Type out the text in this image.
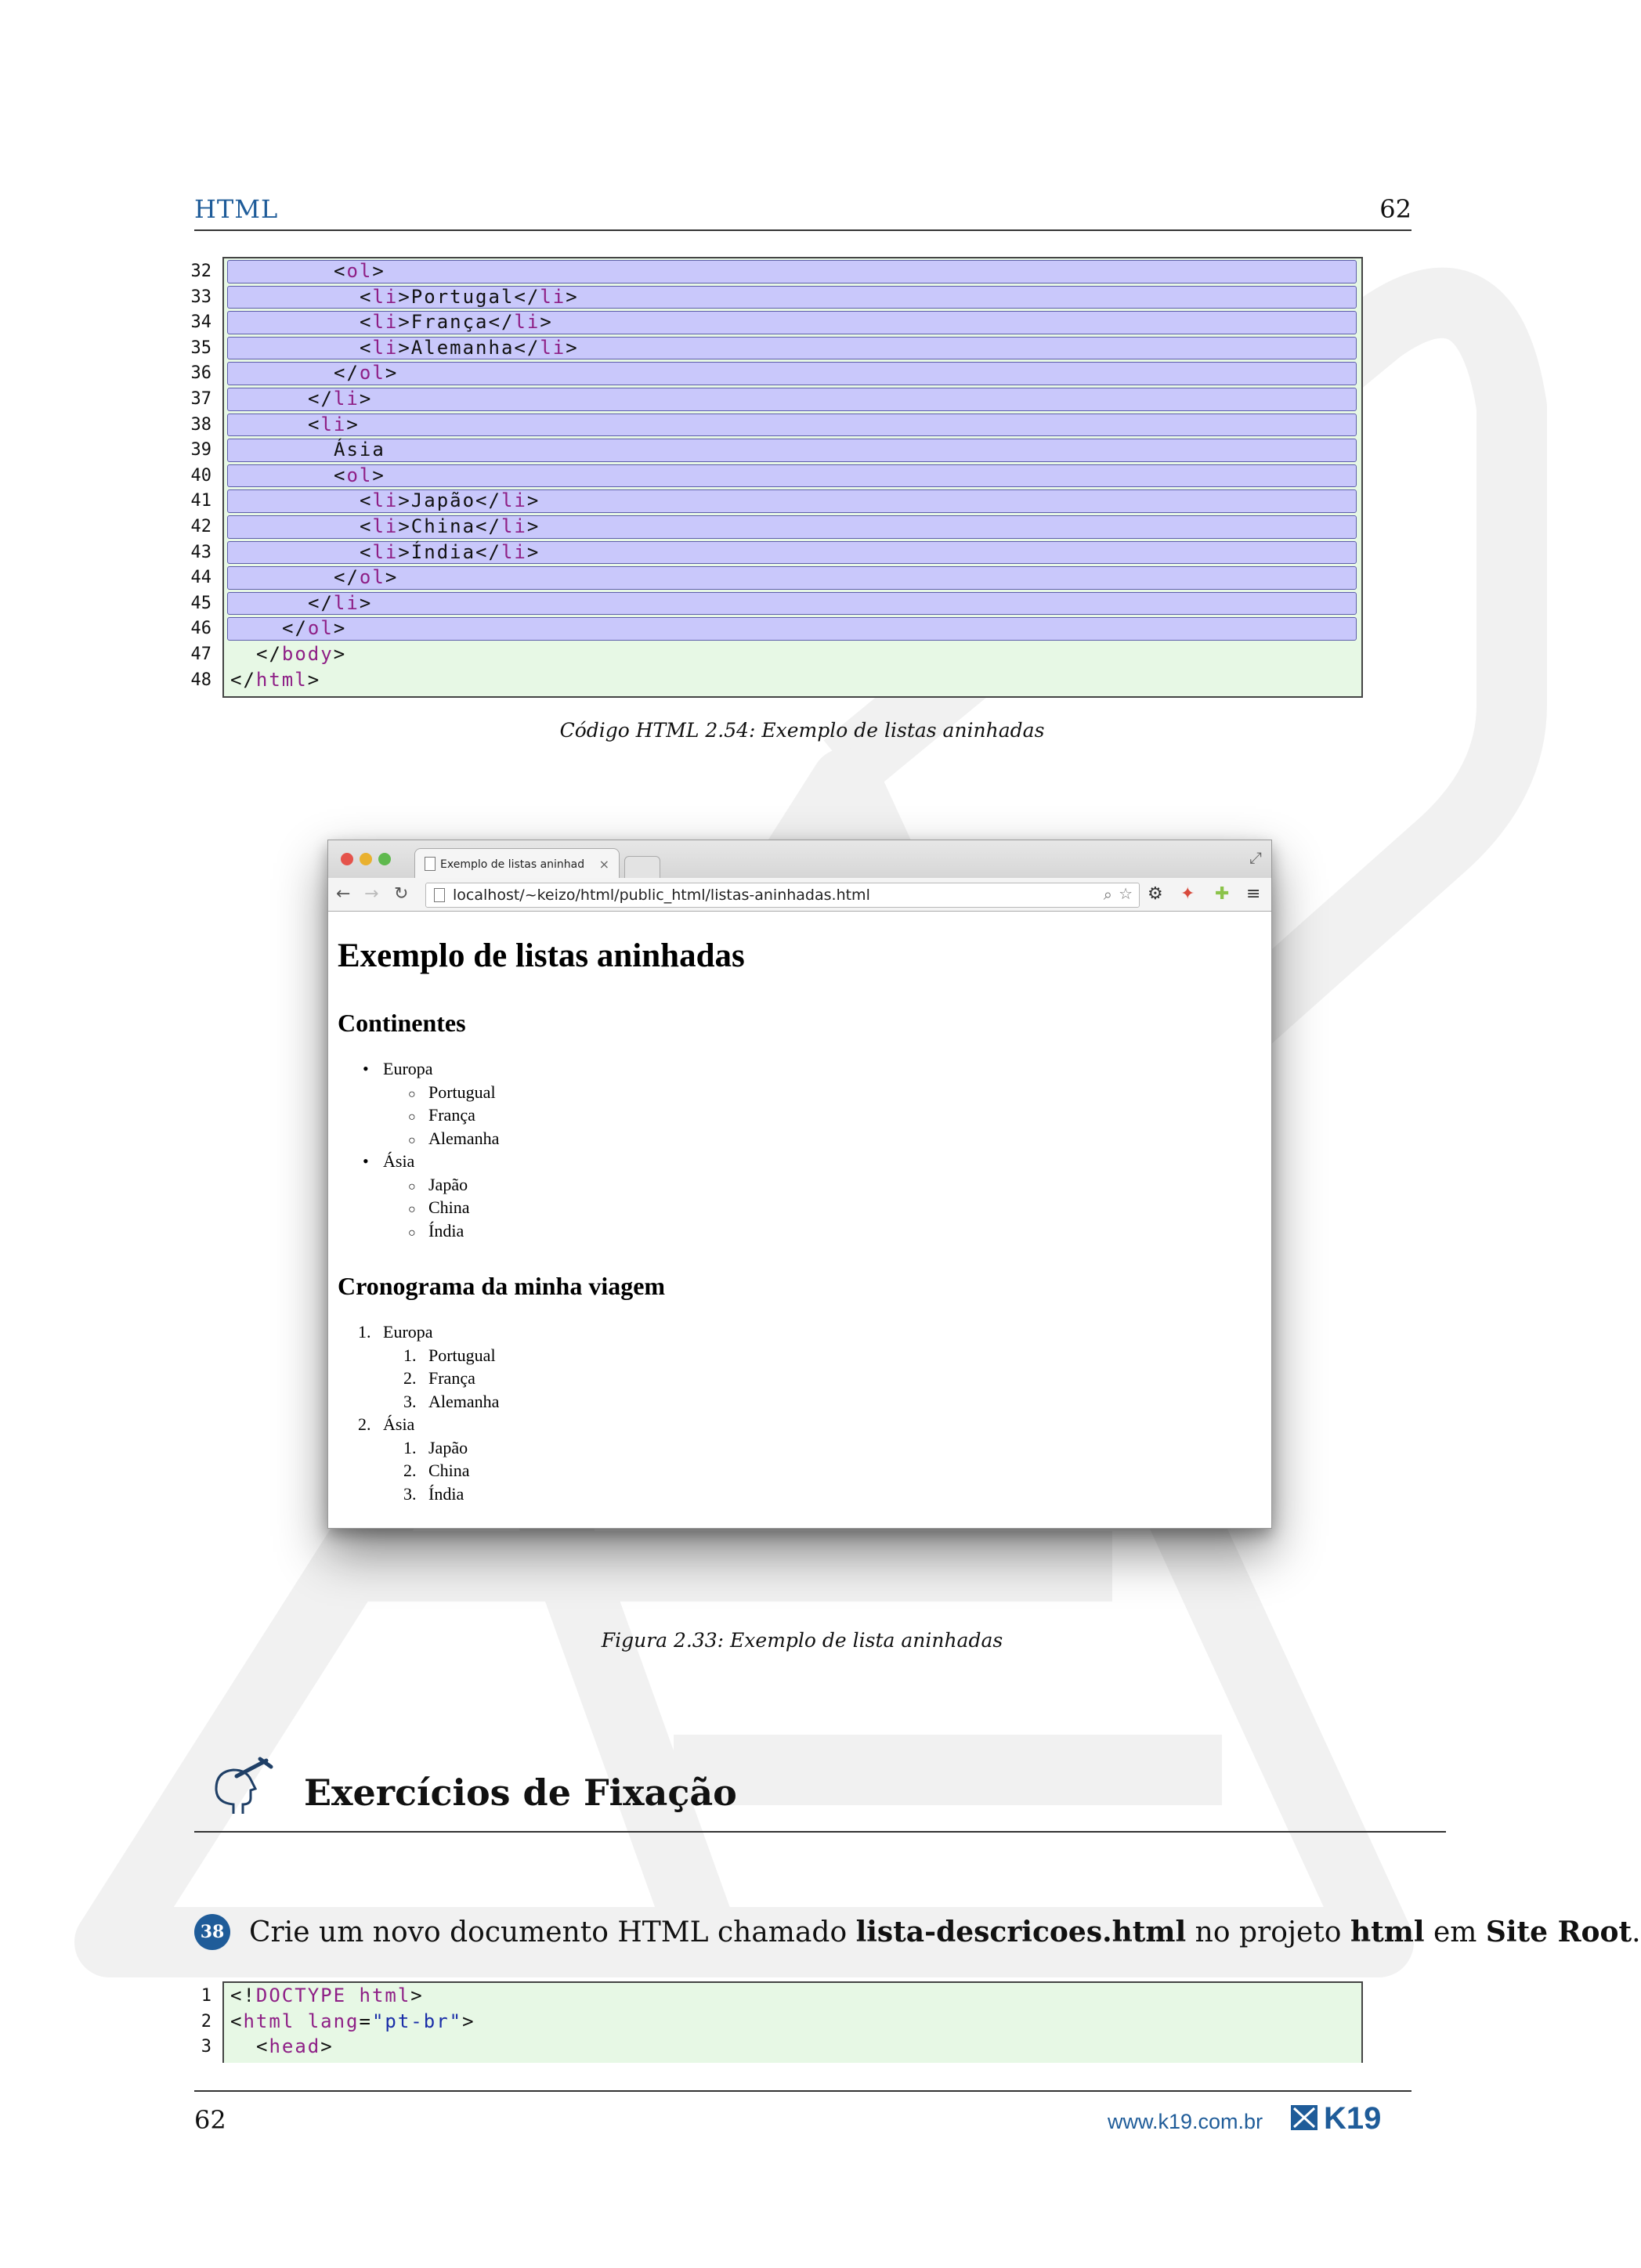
HTML	62
32	<ol>
33	<li>Portugal</li>
34	<li>França</li>
35	<li>Alemanha</li>
36	</ol>
37	</li>
38	<li>
39	Ásia
40	<ol>
41	<li>Japão</li>
42	<li>China</li>
43	<li>Índia</li>
44	</ol>
45	</li>
46	</ol>
47 </body>
48 </html>
Código HTML 2.54: Exemplo de listas aninhadas
Exemplo de listas aninhad	×	⤢
← → ↻	localhost/~keizo/html/public_html/listas-aninhadas.html	⌕ ☆ ⚙ ✦ ✚ ≡
Exemplo de listas aninhadas
Continentes
• Europa
○ Portugual
○ França
○ Alemanha
• Ásia
○ Japão
○ China
○ Índia
Cronograma da minha viagem
1. Europa
1. Portugual
2. França
3. Alemanha
2. Ásia
1. Japão
2. China
3. Índia
Figura 2.33: Exemplo de lista aninhadas
Exercícios de Fixação
38 Crie um novo documento HTML chamado lista-descricoes.html no projeto html em Site Root.
1 <!DOCTYPE html>
2 <html lang="pt-br">
3 <head>
62	www.k19.com.br K19
